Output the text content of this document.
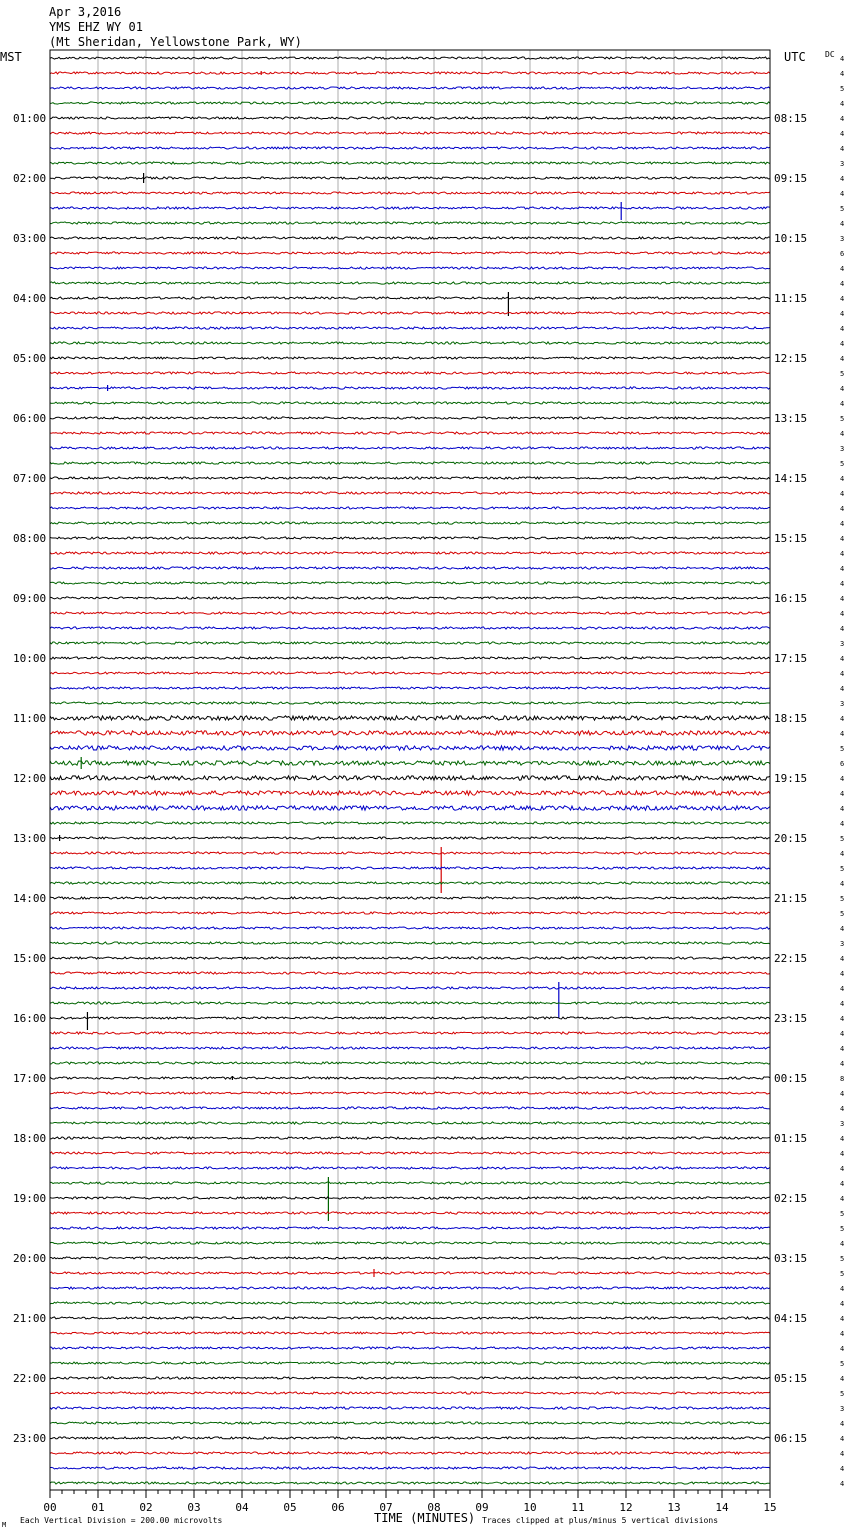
Apr 3,2016
YMS EHZ WY 01
(Mt Sheridan, Yellowstone Park, WY)
MST	UTC DC
01:00
02:00
03:00
04:00
05:00
06:00
07:00
08:00
09:00
10:00
11:00
12:00
13:00
14:00
15:00
16:00
17:00
18:00
19:00
20:00
21:00
22:00
23:00
08:15
09:15
10:15
11:15
12:15
13:15
14:15
15:15
16:15
17:15
18:15
19:15
20:15
21:15
22:15
23:15
00:15
01:15
02:15
03:15
04:15
05:15
06:15
4
4
5
4
4
4
4
3
4
4
5
4
3
6
4
4
4
4
4
4
4
5
4
4
5
4
3
5
4
4
4
4
4
4
4
4
4
4
4
3
4
4
4
3
4
4
5
6
4
4
4
4
5
4
5
4
5
5
4
3
4
4
4
4
4
4
4
4
8
4
4
3
4
4
4
4
4
5
5
4
5
5
4
4
4
4
4
5
4
5
3
4
4
4
4
4
00	01	02	03	04	05	06	07	08	09	10	11	12	13	14	15
M Each Vertical Division = 200.00 microvolts	TIME (MINUTES) Traces clipped at plus/minus 5 vertical divisions
